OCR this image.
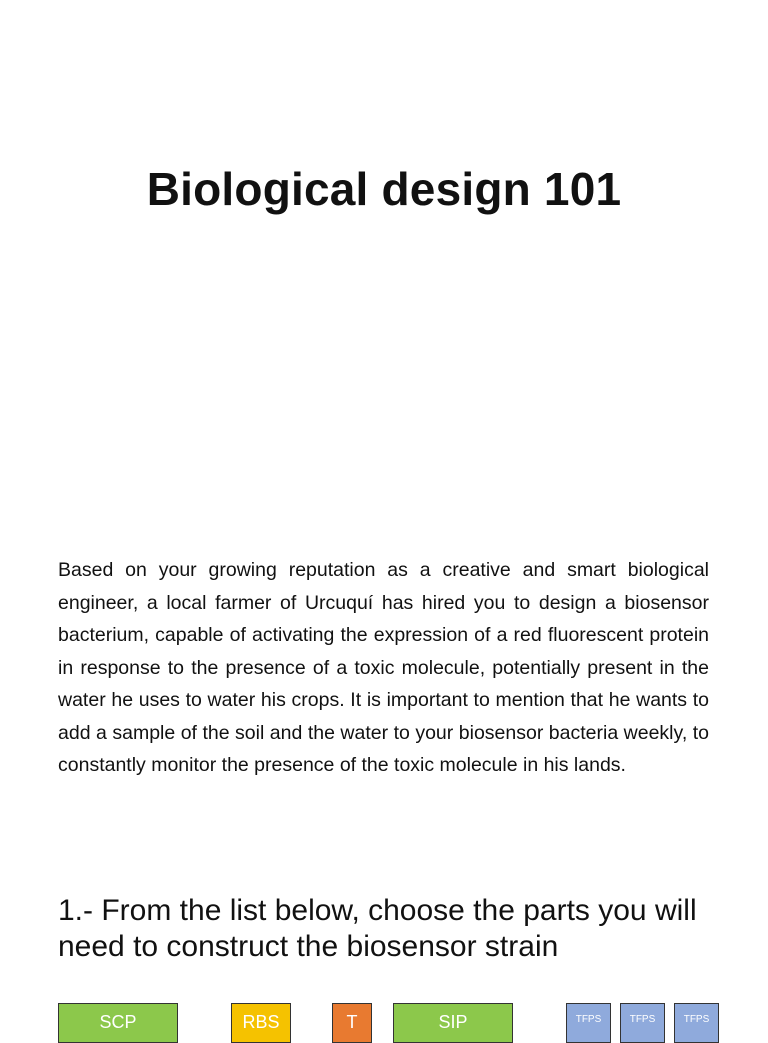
Biological design 101

Based on your growing reputation as a creative and smart biological engineer, a local farmer of Urcuquí has hired you to design a biosensor bacterium, capable of activating the expression of a red fluorescent protein in response to the presence of a toxic molecule, potentially present in the water he uses to water his crops. It is important to mention that he wants to add a sample of the soil and the water to your biosensor bacteria weekly, to constantly monitor the presence of the toxic molecule in his lands.

1.- From the list below, choose the parts you will need to construct the biosensor strain

SCP	RBS	T	SIP	TFPS	TFPS	TFPS
